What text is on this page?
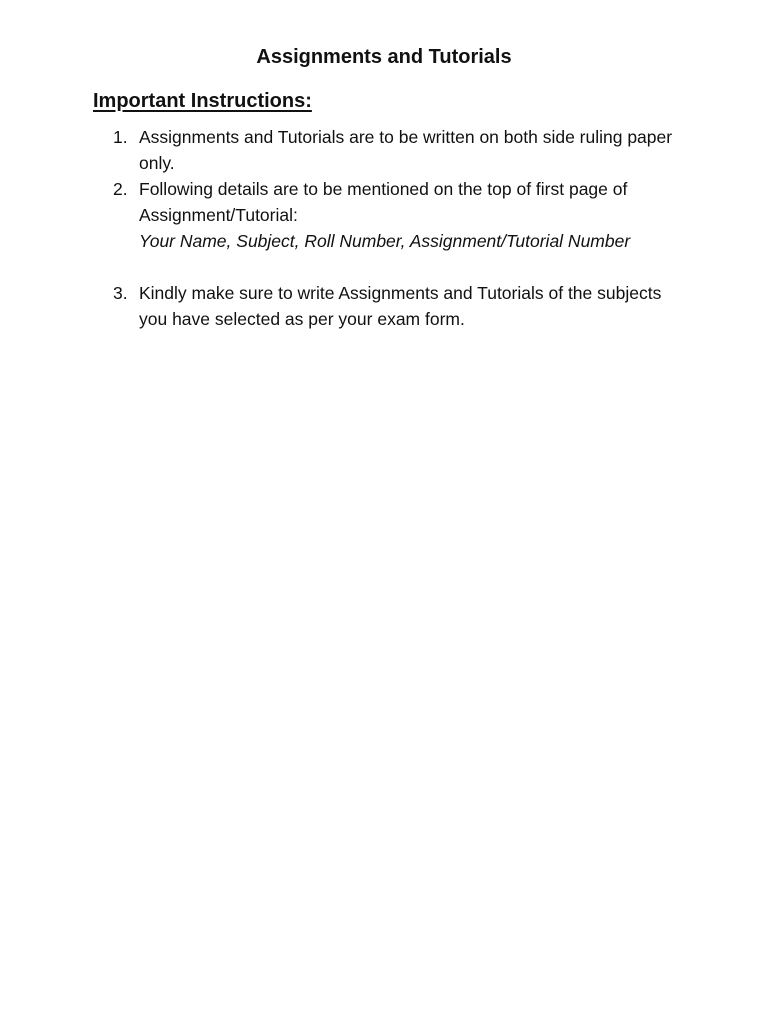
Assignments and Tutorials
Important Instructions:
1. Assignments and Tutorials are to be written on both side ruling paper only.
2. Following details are to be mentioned on the top of first page of Assignment/Tutorial:
Your Name, Subject, Roll Number, Assignment/Tutorial Number
3. Kindly make sure to write Assignments and Tutorials of the subjects you have selected as per your exam form.
